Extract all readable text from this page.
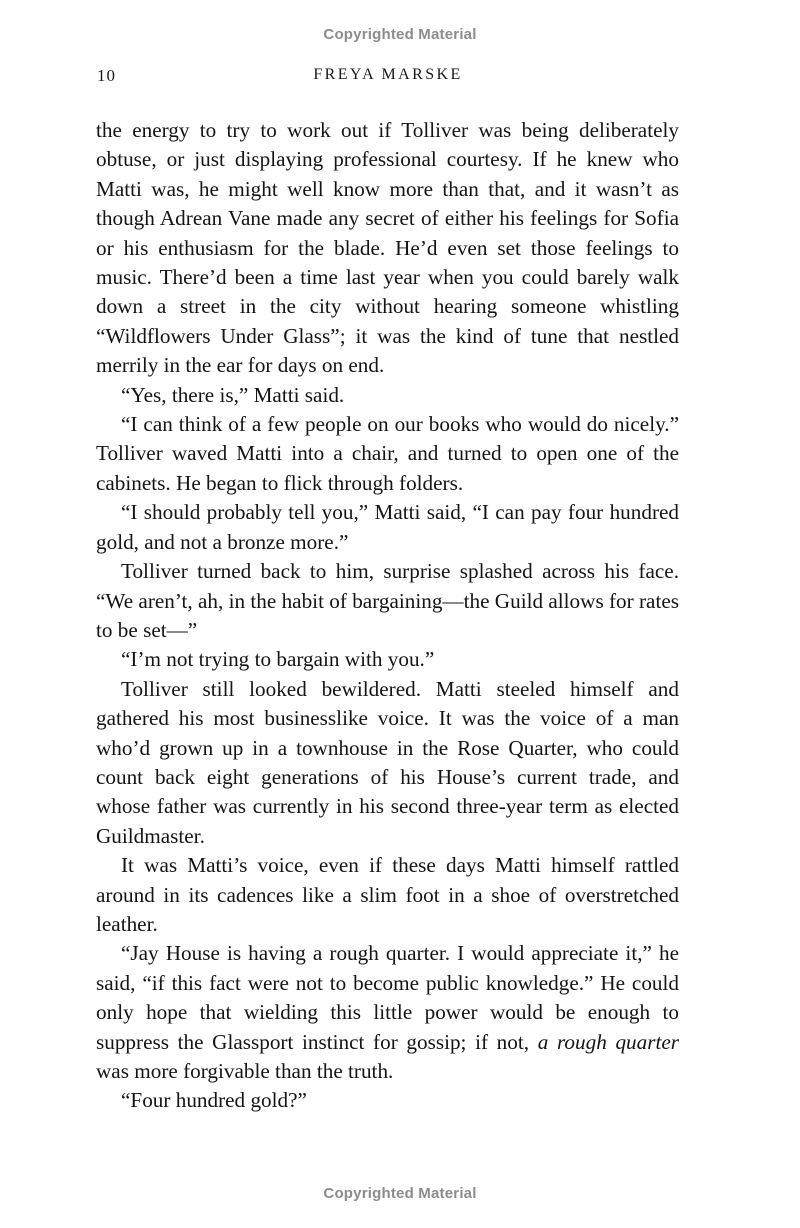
Copyrighted Material
10	FREYA MARSKE

the energy to try to work out if Tolliver was being deliberately obtuse, or just displaying professional courtesy. If he knew who Matti was, he might well know more than that, and it wasn’t as though Adrean Vane made any secret of either his feelings for Sofia or his enthusiasm for the blade. He’d even set those feelings to music. There’d been a time last year when you could barely walk down a street in the city without hearing someone whistling “Wildflowers Under Glass”; it was the kind of tune that nestled merrily in the ear for days on end.

“Yes, there is,” Matti said.

“I can think of a few people on our books who would do nicely.” Tolliver waved Matti into a chair, and turned to open one of the cabinets. He began to flick through folders.

“I should probably tell you,” Matti said, “I can pay four hundred gold, and not a bronze more.”

Tolliver turned back to him, surprise splashed across his face. “We aren’t, ah, in the habit of bargaining—the Guild allows for rates to be set—”

“I’m not trying to bargain with you.”

Tolliver still looked bewildered. Matti steeled himself and gathered his most businesslike voice. It was the voice of a man who’d grown up in a townhouse in the Rose Quarter, who could count back eight generations of his House’s current trade, and whose father was currently in his second three-year term as elected Guildmaster.

It was Matti’s voice, even if these days Matti himself rattled around in its cadences like a slim foot in a shoe of overstretched leather.

“Jay House is having a rough quarter. I would appreciate it,” he said, “if this fact were not to become public knowledge.” He could only hope that wielding this little power would be enough to suppress the Glassport instinct for gossip; if not, a rough quarter was more forgivable than the truth.

“Four hundred gold?”

Copyrighted Material
